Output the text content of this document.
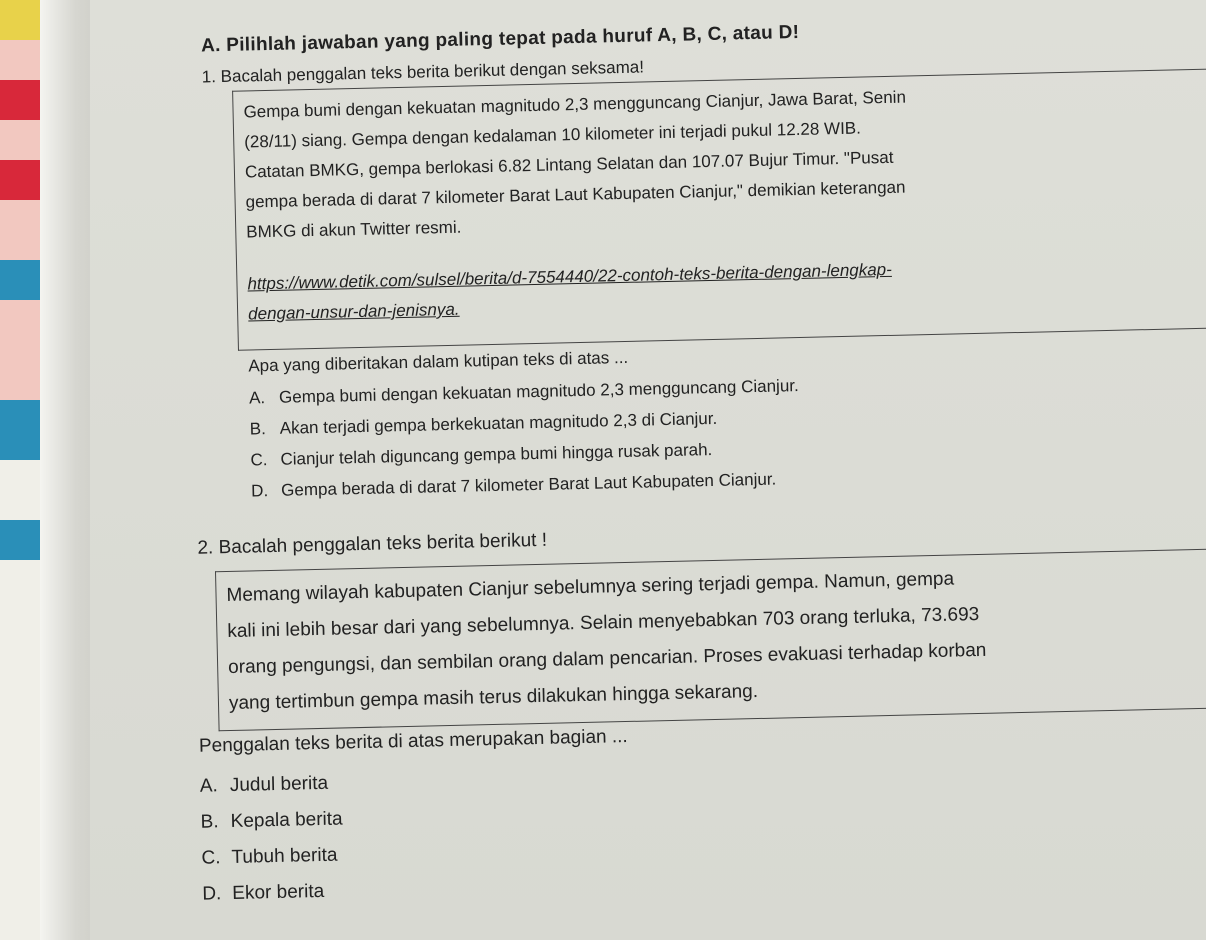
A. Pilihlah jawaban yang paling tepat pada huruf A, B, C, atau D!
1. Bacalah penggalan teks berita berikut dengan seksama!

Gempa bumi dengan kekuatan magnitudo 2,3 mengguncang Cianjur, Jawa Barat, Senin

(28/11) siang. Gempa dengan kedalaman 10 kilometer ini terjadi pukul 12.28 WIB.

Catatan BMKG, gempa berlokasi 6.82 Lintang Selatan dan 107.07 Bujur Timur. "Pusat

gempa berada di darat 7 kilometer Barat Laut Kabupaten Cianjur," demikian keterangan

BMKG di akun Twitter resmi.

https://www.detik.com/sulsel/berita/d-7554440/22-contoh-teks-berita-dengan-lengkap-

dengan-unsur-dan-jenisnya.

Apa yang diberitakan dalam kutipan teks di atas ...
A. Gempa bumi dengan kekuatan magnitudo 2,3 mengguncang Cianjur.
B. Akan terjadi gempa berkekuatan magnitudo 2,3 di Cianjur.
C. Cianjur telah diguncang gempa bumi hingga rusak parah.
D. Gempa berada di darat 7 kilometer Barat Laut Kabupaten Cianjur.
2. Bacalah penggalan teks berita berikut !

Memang wilayah kabupaten Cianjur sebelumnya sering terjadi gempa. Namun, gempa

kali ini lebih besar dari yang sebelumnya. Selain menyebabkan 703 orang terluka, 73.693

orang pengungsi, dan sembilan orang dalam pencarian. Proses evakuasi terhadap korban

yang tertimbun gempa masih terus dilakukan hingga sekarang.

Penggalan teks berita di atas merupakan bagian ...
A. Judul berita
B. Kepala berita
C. Tubuh berita
D. Ekor berita
